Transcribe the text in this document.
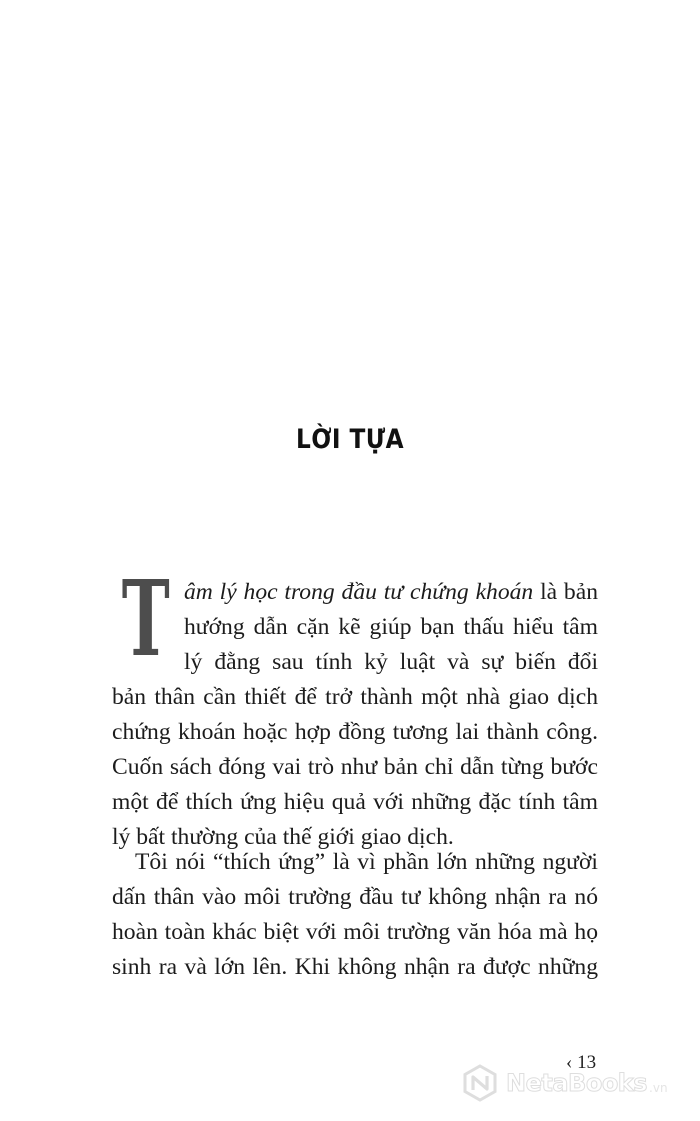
LỜI TỰA
T âm lý học trong đầu tư chứng khoán là bản
hướng dẫn cặn kẽ giúp bạn thấu hiểu tâm
lý đằng sau tính kỷ luật và sự biến đổi
bản thân cần thiết để trở thành một nhà giao dịch
chứng khoán hoặc hợp đồng tương lai thành công.
Cuốn sách đóng vai trò như bản chỉ dẫn từng bước
một để thích ứng hiệu quả với những đặc tính tâm
lý bất thường của thế giới giao dịch.
Tôi nói “thích ứng” là vì phần lớn những người
dấn thân vào môi trường đầu tư không nhận ra nó
hoàn toàn khác biệt với môi trường văn hóa mà họ
sinh ra và lớn lên. Khi không nhận ra được những
‹ 13
NetaBooks .vn
